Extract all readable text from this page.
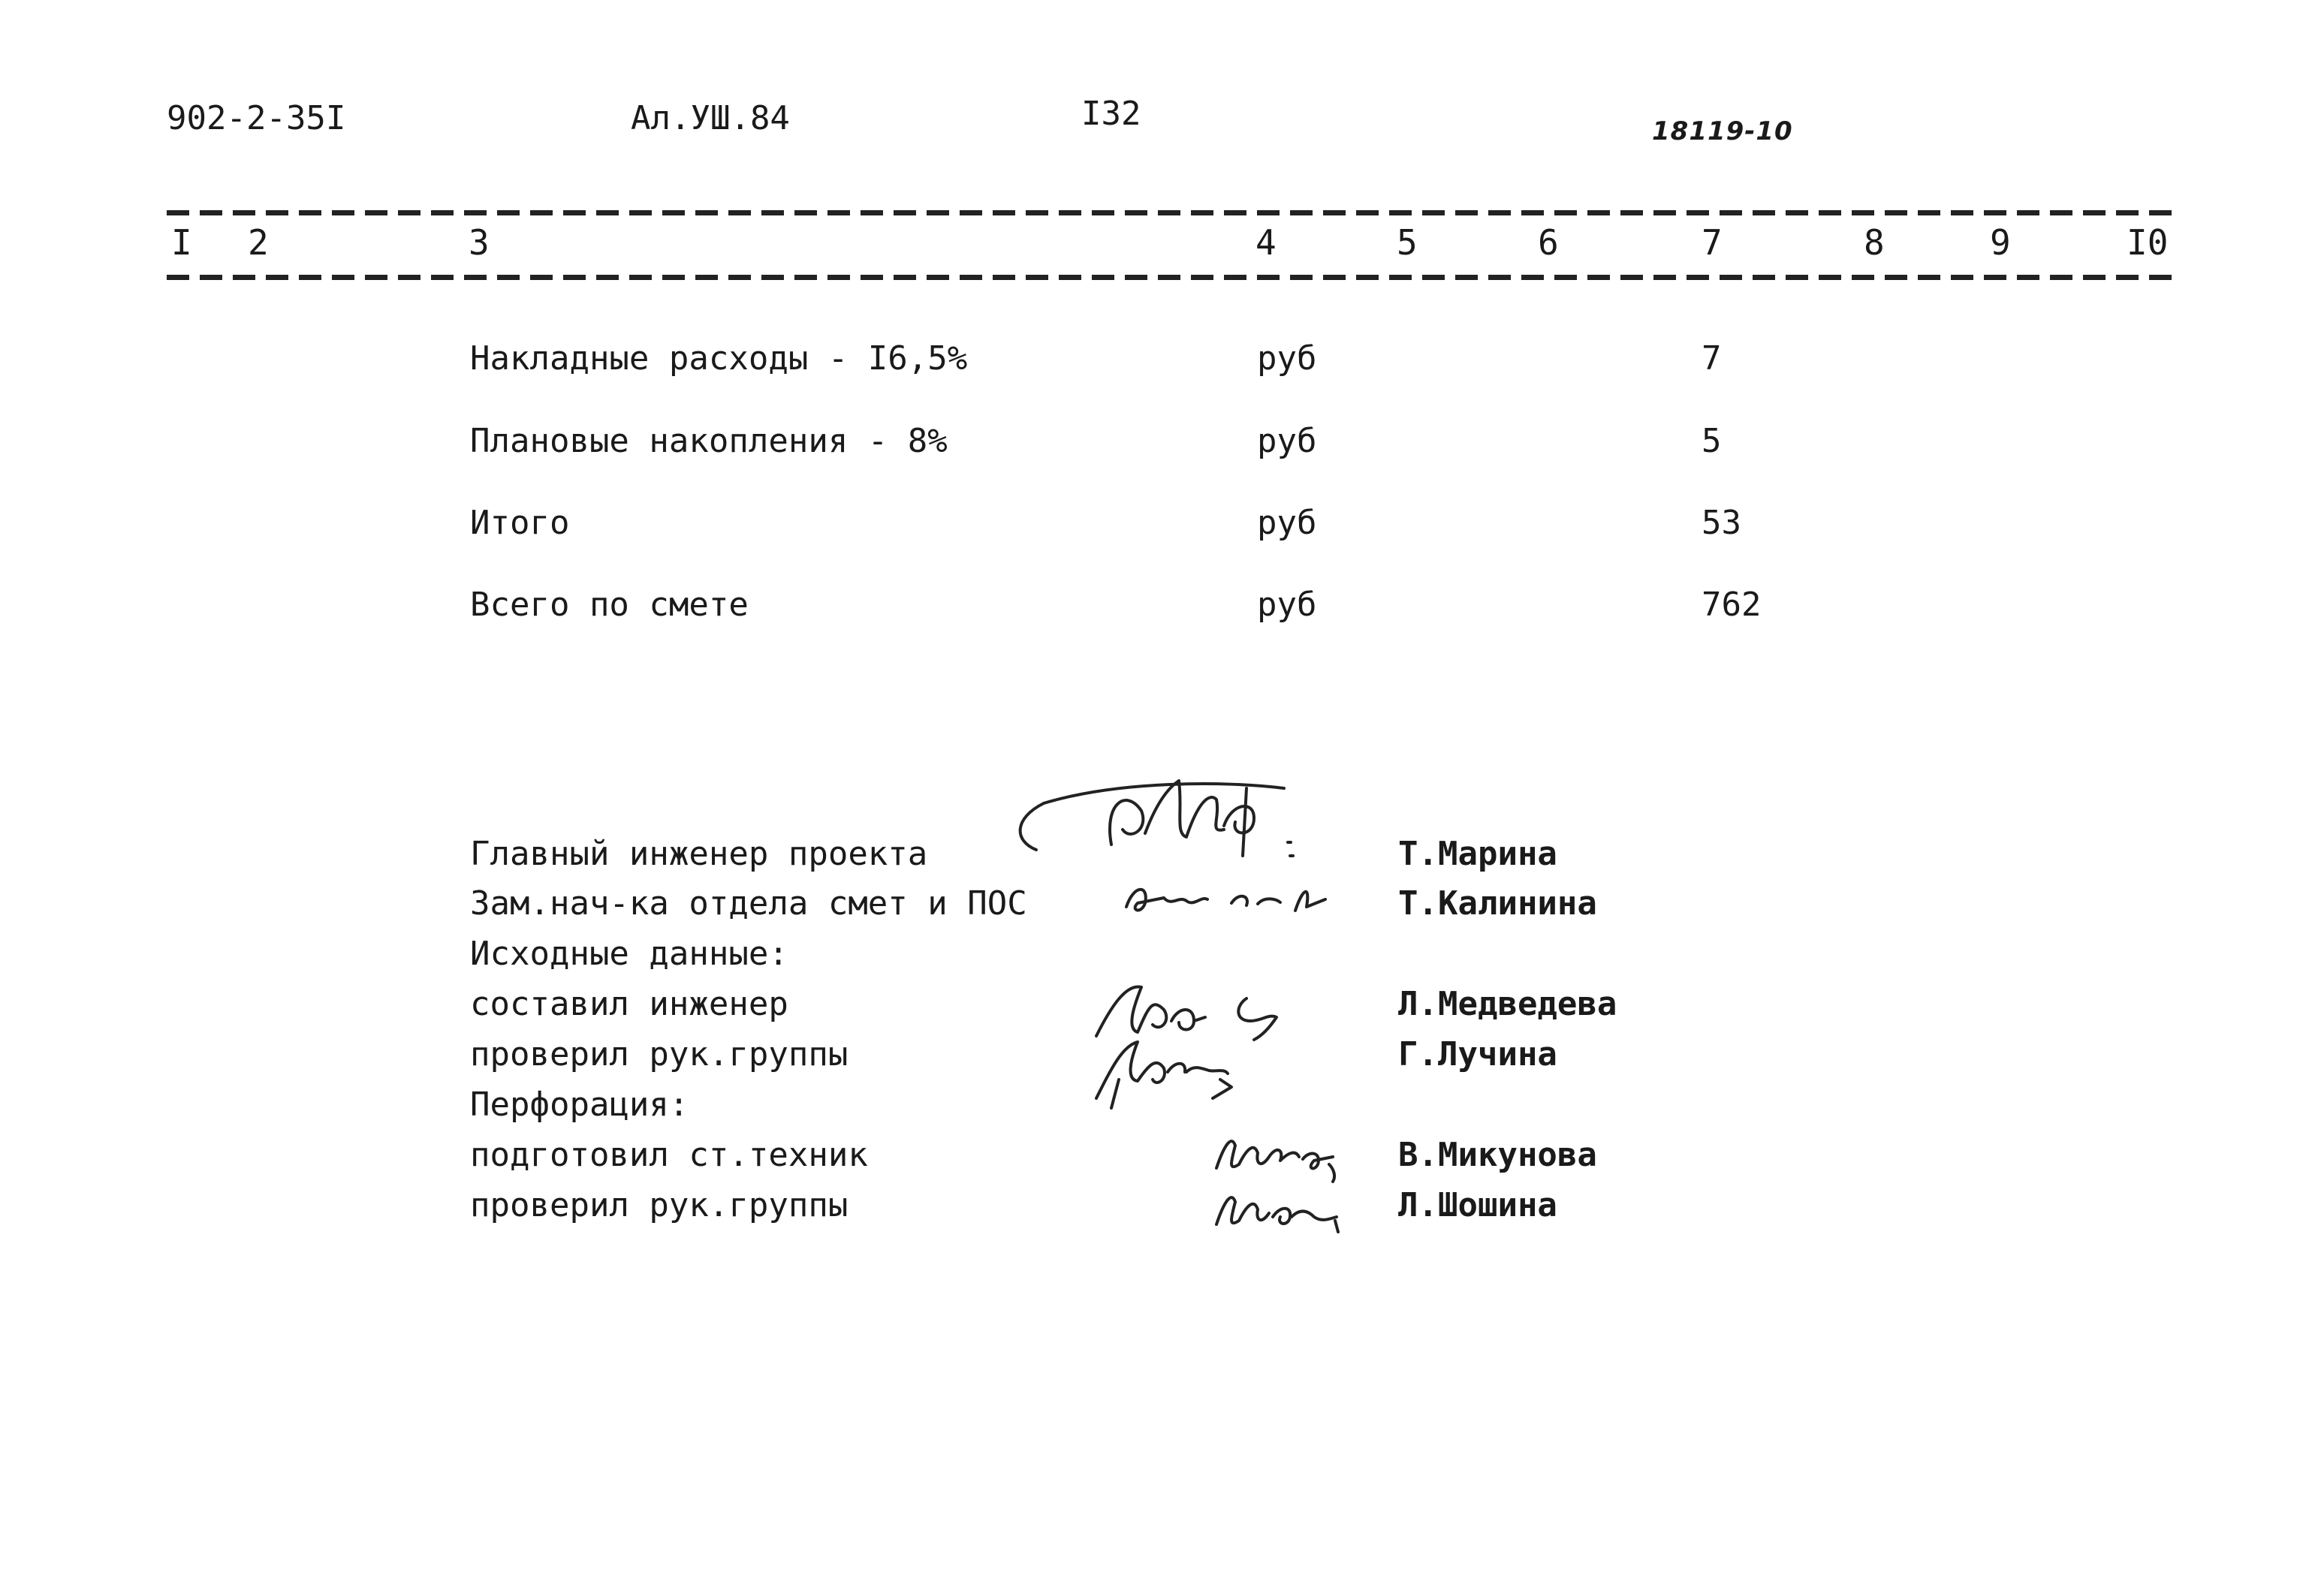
902-2-35I	Ал.УШ.84	I32	18119-10
I 2	3	4	5	6	7	8	9	I0
Накладные расходы - I6,5%	руб	7
Плановые накопления - 8%	руб	5
Итого	руб	53
Всего по смете	руб	762
Главный инженер проекта	Т.Марина
Зам.нач-ка отдела смет и ПОС	Т.Калинина
Исходные данные:
составил инженер	Л.Медведева
проверил рук.группы	Г.Лучина
Перфорация:
подготовил ст.техник	В.Микунова
проверил рук.группы	Л.Шошина
